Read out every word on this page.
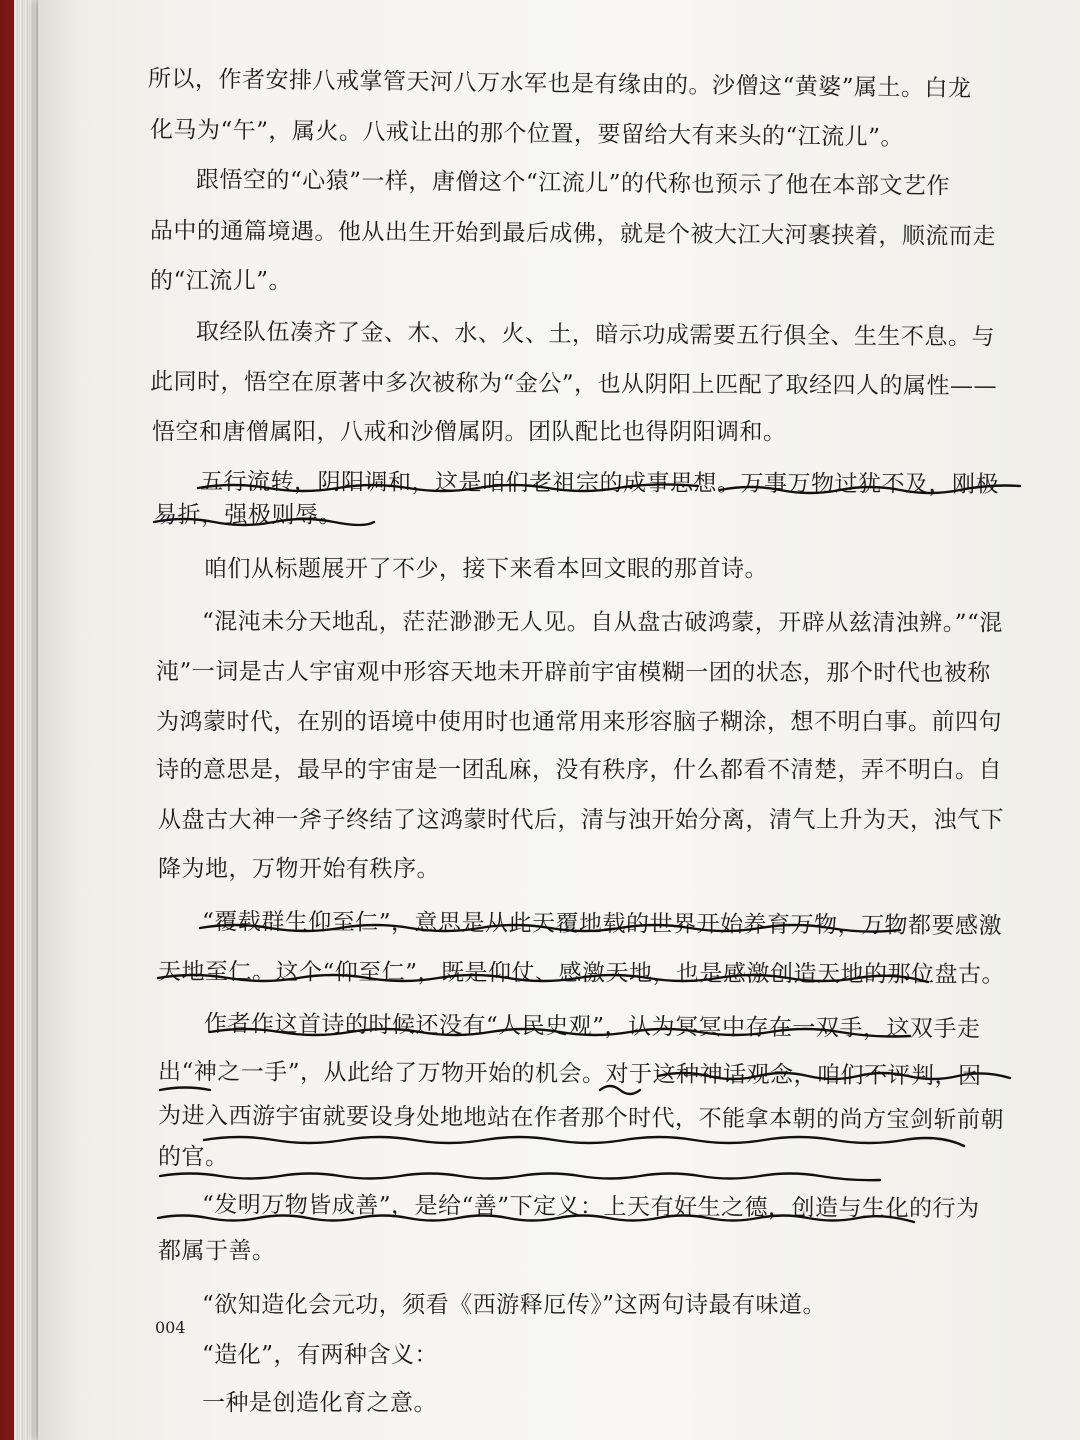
所以，作者安排八戒掌管天河八万水军也是有缘由的。沙僧这“黄婆”属土。白龙
化马为“午”，属火。八戒让出的那个位置，要留给大有来头的“江流儿”。
跟悟空的“心猿”一样，唐僧这个“江流儿”的代称也预示了他在本部文艺作
品中的通篇境遇。他从出生开始到最后成佛，就是个被大江大河裹挟着，顺流而走
的“江流儿”。
取经队伍凑齐了金、木、水、火、土，暗示功成需要五行俱全、生生不息。与
此同时，悟空在原著中多次被称为“金公”，也从阴阳上匹配了取经四人的属性——
悟空和唐僧属阳，八戒和沙僧属阴。团队配比也得阴阳调和。
五行流转，阴阳调和，这是咱们老祖宗的成事思想。万事万物过犹不及，刚极
易折，强极则辱。
咱们从标题展开了不少，接下来看本回文眼的那首诗。
“混沌未分天地乱，茫茫渺渺无人见。自从盘古破鸿蒙，开辟从兹清浊辨。”“混
沌”一词是古人宇宙观中形容天地未开辟前宇宙模糊一团的状态，那个时代也被称
为鸿蒙时代，在别的语境中使用时也通常用来形容脑子糊涂，想不明白事。前四句
诗的意思是，最早的宇宙是一团乱麻，没有秩序，什么都看不清楚，弄不明白。自
从盘古大神一斧子终结了这鸿蒙时代后，清与浊开始分离，清气上升为天，浊气下
降为地，万物开始有秩序。
“覆载群生仰至仁”，意思是从此天覆地载的世界开始养育万物，万物都要感激
天地至仁。这个“仰至仁”，既是仰仗、感激天地，也是感激创造天地的那位盘古。
作者作这首诗的时候还没有“人民史观”，认为冥冥中存在一双手，这双手走
出“神之一手”，从此给了万物开始的机会。对于这种神话观念，咱们不评判，因
为进入西游宇宙就要设身处地地站在作者那个时代，不能拿本朝的尚方宝剑斩前朝
的官。
“发明万物皆成善”，是给“善”下定义：上天有好生之德，创造与生化的行为
都属于善。
“欲知造化会元功，须看《西游释厄传》”这两句诗最有味道。
“造化”，有两种含义：
一种是创造化育之意。
004
